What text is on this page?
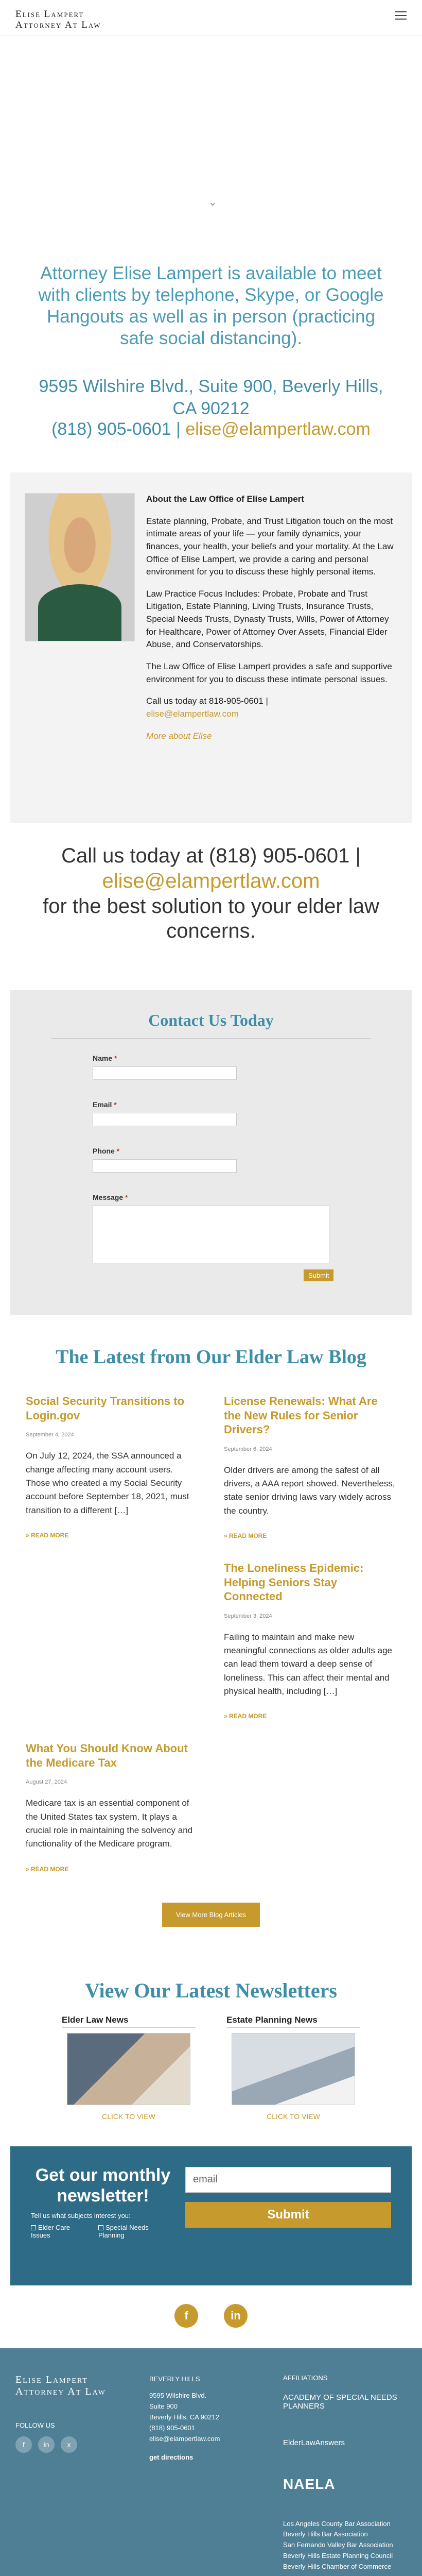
Elise Lampert
Attorney At Law
⌄

Attorney Elise Lampert is available to meet with clients by telephone, Skype, or Google Hangouts as well as in person (practicing safe social distancing).

9595 Wilshire Blvd., Suite 900, Beverly Hills, CA 90212

(818) 905-0601 | elise@elampertlaw.com

About the Law Office of Elise Lampert

Estate planning, Probate, and Trust Litigation touch on the most intimate areas of your life — your family dynamics, your finances, your health, your beliefs and your mortality. At the Law Office of Elise Lampert, we provide a caring and personal environment for you to discuss these highly personal items.

Law Practice Focus Includes: Probate, Probate and Trust Litigation, Estate Planning, Living Trusts, Insurance Trusts, Special Needs Trusts, Dynasty Trusts, Wills, Power of Attorney for Healthcare, Power of Attorney Over Assets, Financial Elder Abuse, and Conservatorships.

The Law Office of Elise Lampert provides a safe and supportive environment for you to discuss these intimate personal issues.

Call us today at 818-905-0601 |
elise@elampertlaw.com

More about Elise
Call us today at (818) 905-0601 |
elise@elampertlaw.com
for the best solution to your elder law concerns.
Contact Us Today
Name *
Email *
Phone *
Message *
Submit
The Latest from Our Elder Law Blog
Social Security Transitions to Login.gov
September 4, 2024

On July 12, 2024, the SSA announced a change affecting many account users. Those who created a my Social Security account before September 18, 2021, must transition to a different […]

» READ MORE
License Renewals: What Are the New Rules for Senior Drivers?
September 6, 2024

Older drivers are among the safest of all drivers, a AAA report showed. Nevertheless, state senior driving laws vary widely across the country.

» READ MORE
The Loneliness Epidemic: Helping Seniors Stay Connected
September 3, 2024

Failing to maintain and make new meaningful connections as older adults age can lead them toward a deep sense of loneliness. This can affect their mental and physical health, including […]

» READ MORE
What You Should Know About the Medicare Tax
August 27, 2024

Medicare tax is an essential component of the United States tax system. It plays a crucial role in maintaining the solvency and functionality of the Medicare program.

» READ MORE
View More Blog Articles
View Our Latest Newsletters
Elder Law News
CLICK TO VIEW
Estate Planning News
CLICK TO VIEW
Get our monthly newsletter!

Tell us what subjects interest you:

Elder Care Issues
Special Needs Planning
email
Submit
f	in
Elise Lampert
Attorney At Law
FOLLOW US
f	in	x
BEVERLY HILLS
9595 Wilshire Blvd.
Suite 900
Beverly Hills, CA 90212
(818) 905-0601
elise@elampertlaw.com
get directions
AFFILIATIONS
ACADEMY OF SPECIAL NEEDS PLANNERS
ElderLawAnswers
NAELA
Los Angeles County Bar Association
Beverly Hills Bar Association
San Fernando Valley Bar Association
Beverly Hills Estate Planning Council
Beverly Hills Chamber of Commerce
